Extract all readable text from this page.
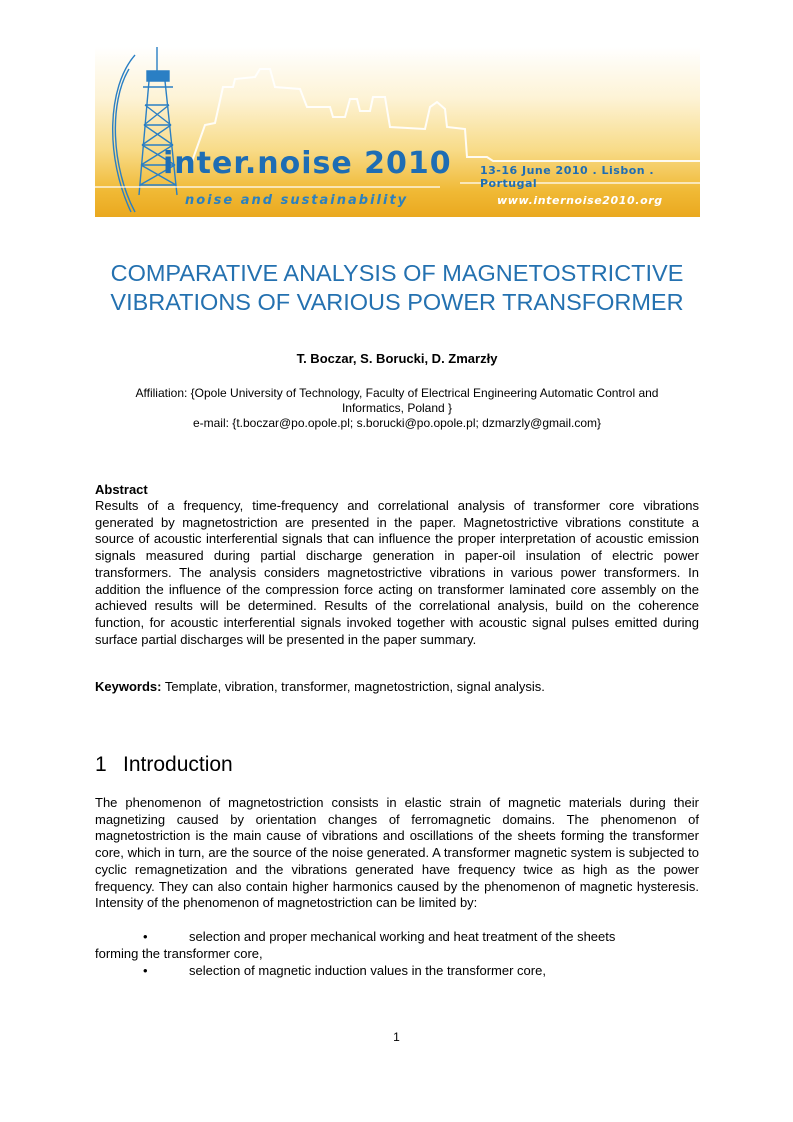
inter.noise 2010	13-16 June 2010 . Lisbon . Portugal
noise and sustainability	www.internoise2010.org
COMPARATIVE ANALYSIS OF MAGNETOSTRICTIVE
VIBRATIONS OF VARIOUS POWER TRANSFORMER
T. Boczar, S. Borucki, D. Zmarzły
Affiliation: {Opole University of Technology, Faculty of Electrical Engineering Automatic Control and
Informatics, Poland }
e-mail: {t.boczar@po.opole.pl; s.borucki@po.opole.pl; dzmarzly@gmail.com}
Abstract
Results of a frequency, time-frequency and correlational analysis of transformer core vibrations generated by magnetostriction are presented in the paper. Magnetostrictive vibrations constitute a source of acoustic interferential signals that can influence the proper interpretation of acoustic emission signals measured during partial discharge generation in paper-oil insulation of electric power transformers. The analysis considers magnetostrictive vibrations in various power transformers. In addition the influence of the compression force acting on transformer laminated core assembly on the achieved results will be determined. Results of the correlational analysis, build on the coherence function, for acoustic interferential signals invoked together with acoustic signal pulses emitted during surface partial discharges will be presented in the paper summary.
Keywords: Template, vibration, transformer, magnetostriction, signal analysis.
1 Introduction
The phenomenon of magnetostriction consists in elastic strain of magnetic materials during their magnetizing caused by orientation changes of ferromagnetic domains. The phenomenon of magnetostriction is the main cause of vibrations and oscillations of the sheets forming the transformer core, which in turn, are the source of the noise generated. A transformer magnetic system is subjected to cyclic remagnetization and the vibrations generated have frequency twice as high as the power frequency. They can also contain higher harmonics caused by the phenomenon of magnetic hysteresis. Intensity of the phenomenon of magnetostriction can be limited by:
•	selection and proper mechanical working and heat treatment of the sheets
forming the transformer core,
•	selection of magnetic induction values in the transformer core,
1
